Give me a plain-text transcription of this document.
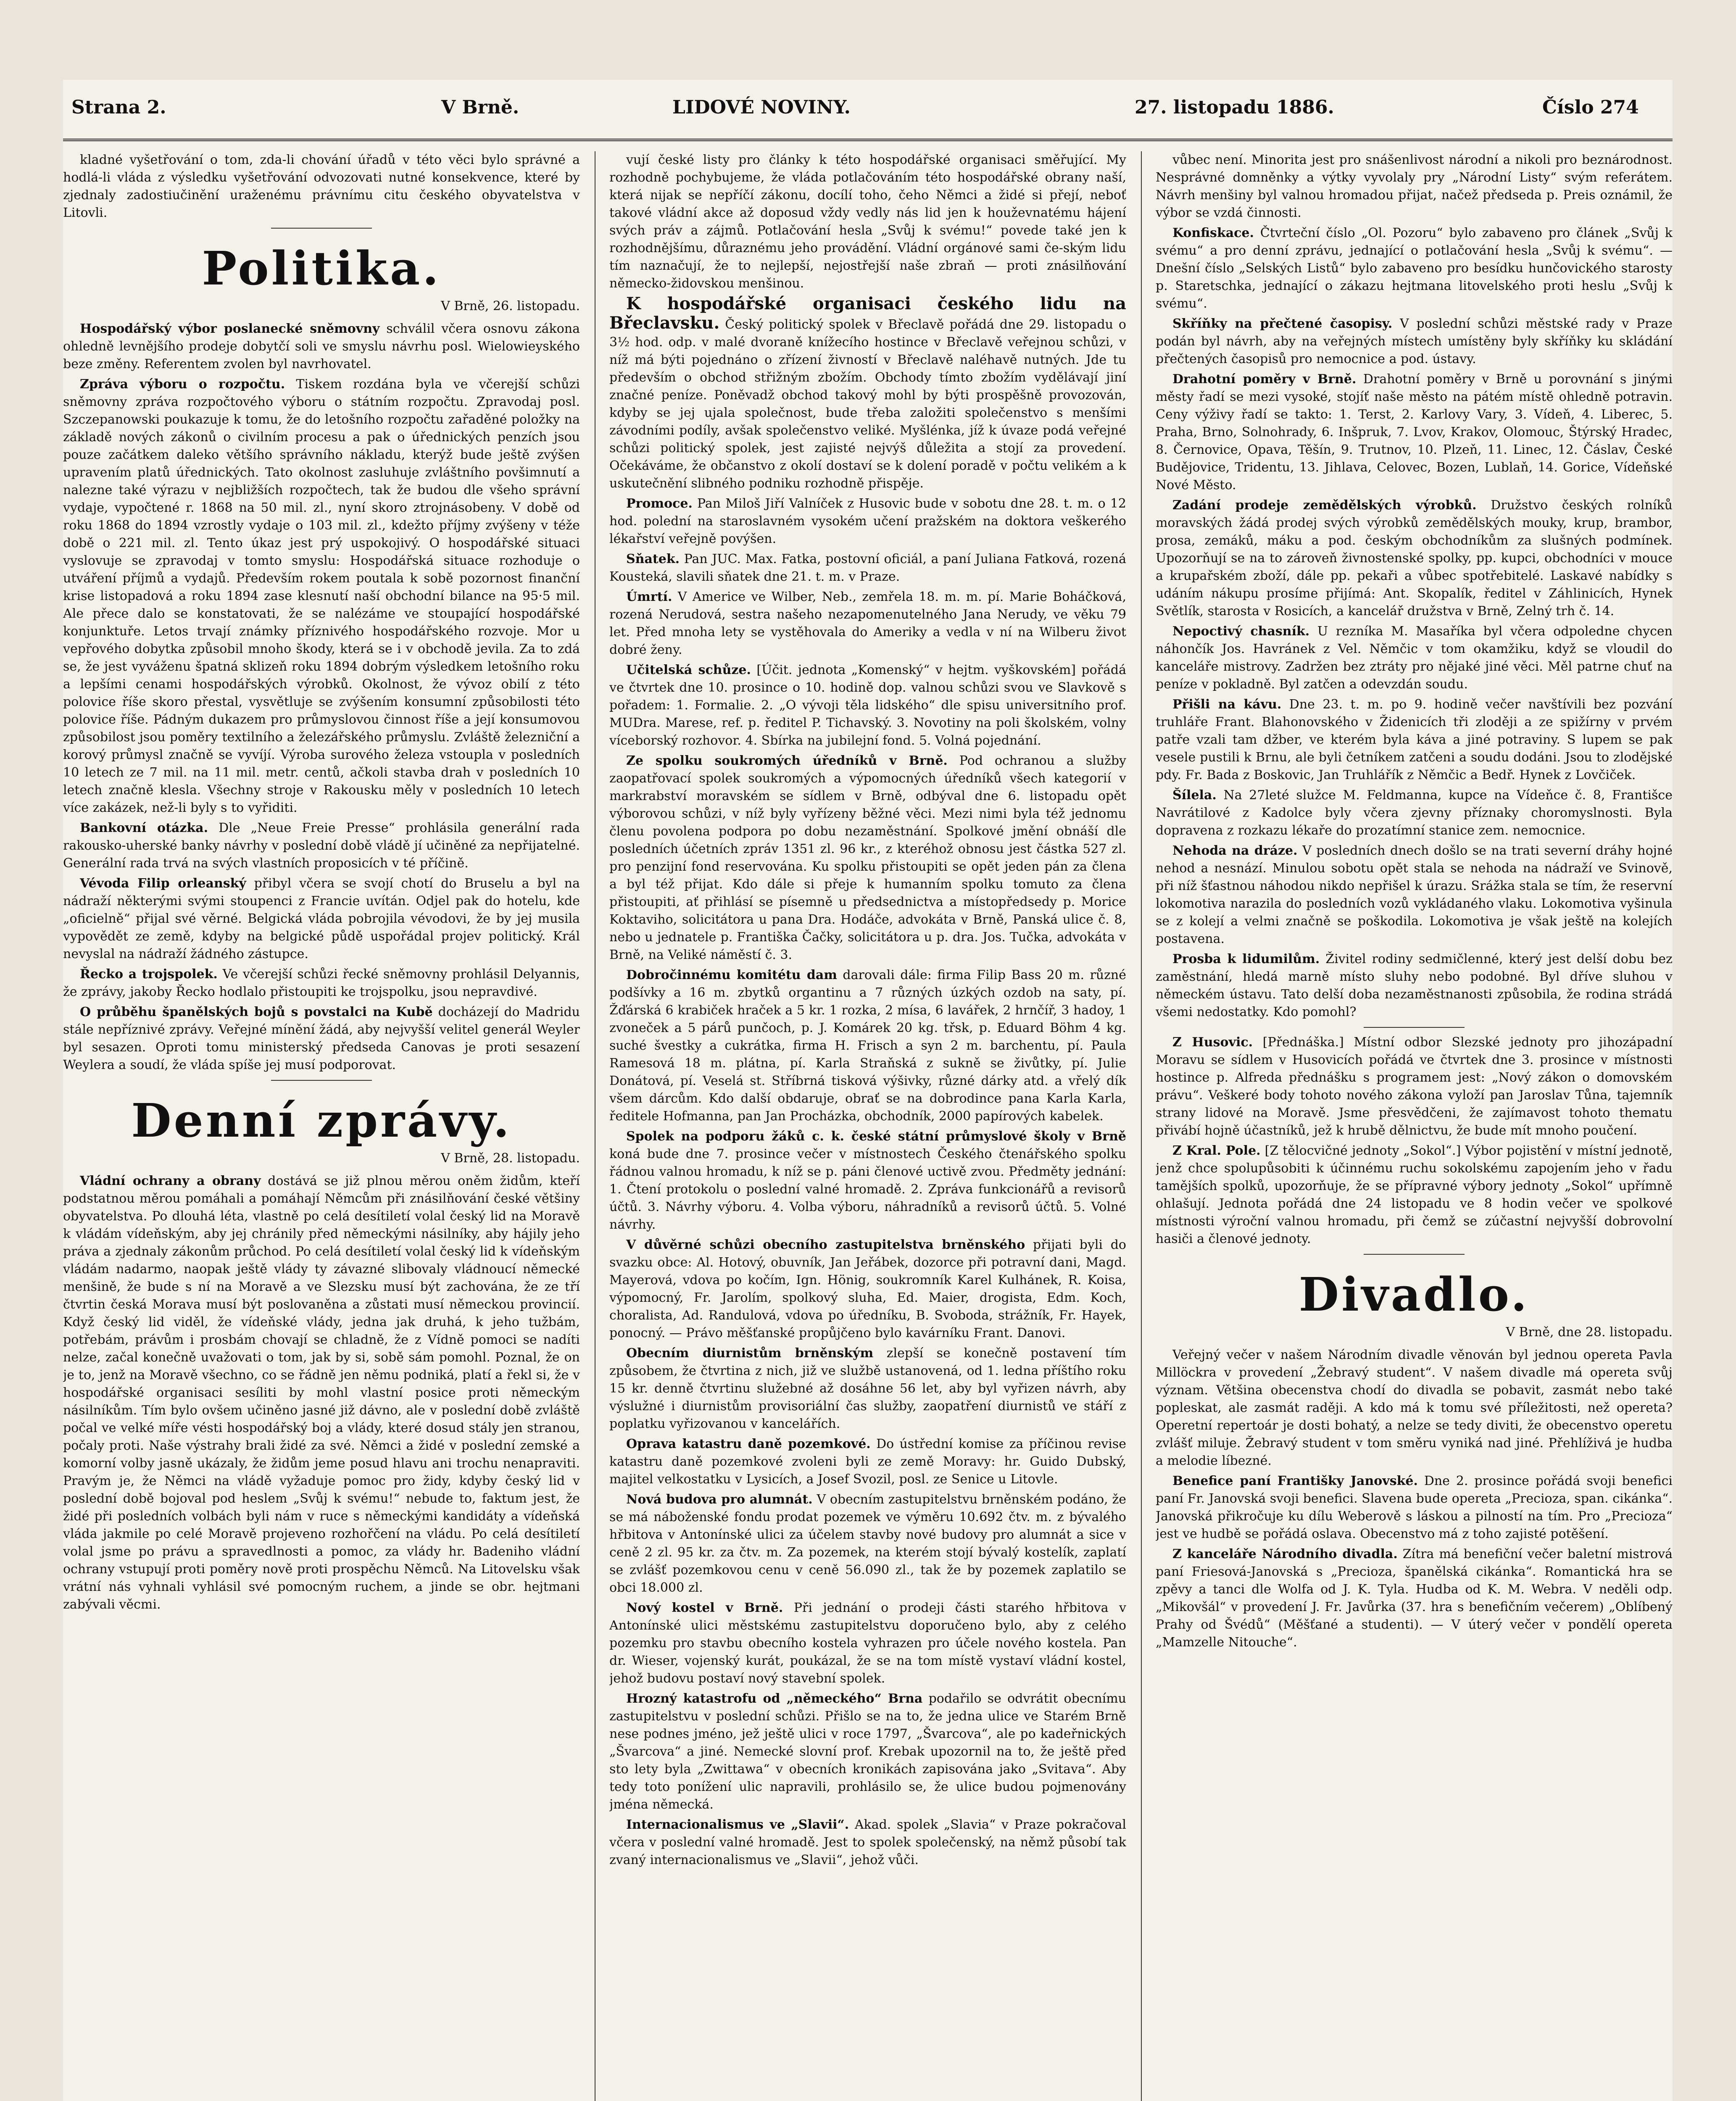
Strana 2.	V Brně.	LIDOVÉ NOVINY.	27. listopadu 1886.	Číslo 274

kladné vyšetřování o tom, zda-li chování úřadů v této věci bylo správné a hodlá-li vláda z výsledku vyšetřování odvozovati nutné konsekvence, které by zjednaly zadostiučinění uraženému právnímu citu českého obyvatelstva v Litovli.

Politika.
V Brně, 26. listopadu.

Hospodářský výbor poslanecké sněmovny schválil včera osnovu zákona ohledně levnějšího prodeje dobytčí soli ve smyslu návrhu posl. Wielowieyského beze změny. Referentem zvolen byl navrhovatel.

Zpráva výboru o rozpočtu. Tiskem rozdána byla ve včerejší schůzi sněmovny zpráva rozpočtového výboru o státním rozpočtu. Zpravodaj posl. Szczepanowski poukazuje k tomu, že do letošního rozpočtu zařaděné položky na základě nových zákonů o civilním procesu a pak o úřednických penzích jsou pouze začátkem daleko většího správního nákladu, kterýž bude ještě zvýšen upravením platů úřednických. Tato okolnost zasluhuje zvláštního povšimnutí a nalezne také výrazu v nejbližších rozpočtech, tak že budou dle všeho správní vydaje, vypočtené r. 1868 na 50 mil. zl., nyní skoro ztrojnásobeny. V době od roku 1868 do 1894 vzrostly vydaje o 103 mil. zl., kdežto příjmy zvýšeny v téže době o 221 mil. zl. Tento úkaz jest prý uspokojivý. O hospodářské situaci vyslovuje se zpravodaj v tomto smyslu: Hospodářská situace rozhoduje o utváření příjmů a vydajů. Především rokem poutala k sobě pozornost finanční krise listopadová a roku 1894 zase klesnutí naší obchodní bilance na 95·5 mil. Ale přece dalo se konstatovati, že se nalézáme ve stoupající hospodářské konjunktuře. Letos trvají známky příznivého hospodářského rozvoje. Mor u vepřového dobytka způsobil mnoho škody, která se i v obchodě jevila. Za to zdá se, že jest vyváženu špatná sklizeň roku 1894 dobrým výsledkem letošního roku a lepšími cenami hospodářských výrobků. Okolnost, že vývoz obilí z této polovice říše skoro přestal, vysvětluje se zvýšením konsumní způsobilosti této polovice říše. Pádným dukazem pro průmyslovou činnost říše a její konsumovou způsobilost jsou poměry textilního a železářského průmyslu. Zvláště železniční a korový průmysl značně se vyvíjí. Výroba surového železa vstoupla v posledních 10 letech ze 7 mil. na 11 mil. metr. centů, ačkoli stavba drah v posledních 10 letech značně klesla. Všechny stroje v Rakousku měly v posledních 10 letech více zakázek, než-li byly s to vyřiditi.

Bankovní otázka. Dle „Neue Freie Presse“ prohlásila generální rada rakousko-uherské banky návrhy v poslední době vládě jí učiněné za nepřijatelné. Generální rada trvá na svých vlastních proposicích v té příčině.

Vévoda Filip orleanský přibyl včera se svojí chotí do Bruselu a byl na nádraží některými svými stoupenci z Francie uvítán. Odjel pak do hotelu, kde „oficielně“ přijal své věrné. Belgická vláda pobrojila vévodovi, že by jej musila vypovědět ze země, kdyby na belgické půdě uspořádal projev politický. Král nevyslal na nádraží žádného zástupce.

Řecko a trojspolek. Ve včerejší schůzi řecké sněmovny prohlásil Delyannis, že zprávy, jakoby Řecko hodlalo přistoupiti ke trojspolku, jsou nepravdivé.

O průběhu španělských bojů s povstalci na Kubě docházejí do Madridu stále nepříznivé zprávy. Veřejné mínění žádá, aby nejvyšší velitel generál Weyler byl sesazen. Oproti tomu ministerský předseda Canovas je proti sesazení Weylera a soudí, že vláda spíše jej musí podporovat.

Denní zprávy.
V Brně, 28. listopadu.

Vládní ochrany a obrany dostává se již plnou měrou oněm židům, kteří podstatnou měrou pomáhali a pomáhají Němcům při znásilňování české většiny obyvatelstva. Po dlouhá léta, vlastně po celá desítiletí volal český lid na Moravě k vládám vídeňským, aby jej chránily před německými násilníky, aby hájily jeho práva a zjednaly zákonům průchod. Po celá desítiletí volal český lid k vídeňským vládám nadarmo, naopak ještě vlády ty závazné slibovaly vládnoucí německé menšině, že bude s ní na Moravě a ve Slezsku musí být zachována, že ze tří čtvrtin česká Morava musí být poslovaněna a zůstati musí německou provincií. Když český lid viděl, že vídeňské vlády, jedna jak druhá, k jeho tužbám, potřebám, právům i prosbám chovají se chladně, že z Vídně pomoci se nadíti nelze, začal konečně uvažovati o tom, jak by si, sobě sám pomohl. Poznal, že on je to, jenž na Moravě všechno, co se řádně jen němu podniká, platí a řekl si, že v hospodářské organisaci sesíliti by mohl vlastní posice proti německým násilníkům. Tím bylo ovšem učiněno jasné již dávno, ale v poslední době zvláště počal ve velké míře vésti hospodářský boj a vlády, které dosud stály jen stranou, počaly proti. Naše výstrahy brali židé za své. Němci a židé v poslední zemské a komorní volby jasně ukázaly, že židům jeme posud hlavu ani trochu nenapraviti. Pravým je, že Němci na vládě vyžaduje pomoc pro židy, kdyby český lid v poslední době bojoval pod heslem „Svůj k svému!“ nebude to, faktum jest, že židé při posledních volbách byli nám v ruce s německými kandidáty a vídeňská vláda jakmile po celé Moravě projeveno rozhořčení na vládu. Po celá desítiletí volal jsme po právu a spravedlnosti a pomoc, za vlády hr. Badeniho vládní ochrany vstupují proti poměry nově proti prospěchu Němců. Na Litovelsku však vrátní nás vyhnali vyhlásil své pomocným ruchem, a jinde se obr. hejtmani zabývali věcmi.

vují české listy pro články k této hospodářské organisaci směřující. My rozhodně pochybujeme, že vláda potlačováním této hospodářské obrany naší, která nijak se nepříčí zákonu, docílí toho, čeho Němci a židé si přejí, neboť takové vládní akce až doposud vždy vedly nás lid jen k houževnatému hájení svých práv a zájmů. Potlačování hesla „Svůj k svému!“ povede také jen k rozhodnějšímu, důraznému jeho provádění. Vládní orgánové sami če-ským lidu tím naznačují, že to nejlepší, nejostřejší naše zbraň — proti znásilňování německo-židovskou menšinou.

K hospodářské organisaci českého lidu na Břeclavsku. Český politický spolek v Břeclavě pořádá dne 29. listopadu o 3½ hod. odp. v malé dvoraně knížecího hostince v Břeclavě veřejnou schůzi, v níž má býti pojednáno o zřízení živností v Břeclavě naléhavě nutných. Jde tu především o obchod střižným zbožím. Obchody tímto zbožím vydělávají jiní značné peníze. Poněvadž obchod takový mohl by býti prospěšně provozován, kdyby se jej ujala společnost, bude třeba založiti společenstvo s menšími závodními podíly, avšak společenstvo veliké. Myšlénka, jíž k úvaze podá veřejné schůzi politický spolek, jest zajisté nejvýš důležita a stojí za provedení. Očekáváme, že občanstvo z okolí dostaví se k dolení poradě v počtu velikém a k uskutečnění slibného podniku rozhodně přispěje.

Promoce. Pan Miloš Jiří Valníček z Husovic bude v sobotu dne 28. t. m. o 12 hod. polední na staroslavném vysokém učení pražském na doktora veškerého lékařství veřejně povýšen.

Sňatek. Pan JUC. Max. Fatka, postovní oficiál, a paní Juliana Fatková, rozená Kousteká, slavili sňatek dne 21. t. m. v Praze.

Úmrtí. V Americe ve Wilber, Neb., zemřela 18. m. m. pí. Marie Boháčková, rozená Nerudová, sestra našeho nezapomenutelného Jana Nerudy, ve věku 79 let. Před mnoha lety se vystěhovala do Ameriky a vedla v ní na Wilberu život dobré ženy.

Učitelská schůze. [Účit. jednota „Komenský“ v hejtm. vyškovském] pořádá ve čtvrtek dne 10. prosince o 10. hodině dop. valnou schůzi svou ve Slavkově s pořadem: 1. Formalie. 2. „O vývoji těla lidského“ dle spisu universitního prof. MUDra. Marese, ref. p. ředitel P. Tichavský. 3. Novotiny na poli školském, volny víceborský rozhovor. 4. Sbírka na jubilejní fond. 5. Volná pojednání.

Ze spolku soukromých úředníků v Brně. Pod ochranou a služby zaopatřovací spolek soukromých a výpomocných úředníků všech kategorií v markrabství moravském se sídlem v Brně, odbýval dne 6. listopadu opět výborovou schůzi, v níž byly vyřízeny běžné věci. Mezi nimi byla též jednomu členu povolena podpora po dobu nezaměstnání. Spolkové jmění obnáší dle posledních účetních zpráv 1351 zl. 96 kr., z kteréhož obnosu jest částka 527 zl. pro penzijní fond reservována. Ku spolku přistoupiti se opět jeden pán za člena a byl též přijat. Kdo dále si přeje k humanním spolku tomuto za člena přistoupiti, ať přihlásí se písemně u předsednictva a místopředsedy p. Morice Koktaviho, solicitátora u pana Dra. Hodáče, advokáta v Brně, Panská ulice č. 8, nebo u jednatele p. Františka Čačky, solicitátora u p. dra. Jos. Tučka, advokáta v Brně, na Veliké náměstí č. 3.

Dobročinnému komitétu dam darovali dále: firma Filip Bass 20 m. různé podšívky a 16 m. zbytků organtinu a 7 různých úzkých ozdob na saty, pí. Žďárská 6 krabiček hraček a 5 kr. 1 rozka, 2 mísa, 6 lavářek, 2 hrnčíř, 3 hadoy, 1 zvoneček a 5 párů punčoch, p. J. Komárek 20 kg. třsk, p. Eduard Böhm 4 kg. suché švestky a cukrátka, firma H. Frisch a syn 2 m. barchentu, pí. Paula Ramesová 18 m. plátna, pí. Karla Straňská z sukně se živůtky, pí. Julie Donátová, pí. Veselá st. Stříbrná tisková výšivky, různé dárky atd. a vřelý dík všem dárcům. Kdo další obdaruje, obrať se na dobrodince pana Karla Karla, ředitele Hofmanna, pan Jan Procházka, obchodník, 2000 papírových kabelek.

Spolek na podporu žáků c. k. české státní průmyslové školy v Brně koná bude dne 7. prosince večer v místnostech Českého čtenářského spolku řádnou valnou hromadu, k níž se p. páni členové uctivě zvou. Předměty jednání: 1. Čtení protokolu o poslední valné hromadě. 2. Zpráva funkcionářů a revisorů účtů. 3. Návrhy výboru. 4. Volba výboru, náhradníků a revisorů účtů. 5. Volné návrhy.

V důvěrné schůzi obecního zastupitelstva brněnského přijati byli do svazku obce: Al. Hotový, obuvník, Jan Jeřábek, dozorce při potravní dani, Magd. Mayerová, vdova po kočím, Ign. Hönig, soukromník Karel Kulhánek, R. Koisa, výpomocný, Fr. Jarolím, spolkový sluha, Ed. Maier, drogista, Edm. Koch, choralista, Ad. Randulová, vdova po úředníku, B. Svoboda, strážník, Fr. Hayek, ponocný. — Právo měšťanské propůjčeno bylo kavárníku Frant. Danovi.

Obecním diurnistům brněnským zlepší se konečně postavení tím způsobem, že čtvrtina z nich, již ve službě ustanovená, od 1. ledna příštího roku 15 kr. denně čtvrtinu služebné až dosáhne 56 let, aby byl vyřizen návrh, aby výslužné i diurnistům provisoriální čas služby, zaopatření diurnistů ve stáří z poplatku vyřizovanou v kancelářích.

Oprava katastru daně pozemkové. Do ústřední komise za příčinou revise katastru daně pozemkové zvoleni byli ze země Moravy: hr. Guido Dubský, majitel velkostatku v Lysicích, a Josef Svozil, posl. ze Senice u Litovle.

Nová budova pro alumnát. V obecním zastupitelstvu brněnském podáno, že se má náboženské fondu prodat pozemek ve výměru 10.692 čtv. m. z bývalého hřbitova v Antonínské ulici za účelem stavby nové budovy pro alumnát a sice v ceně 2 zl. 95 kr. za čtv. m. Za pozemek, na kterém stojí bývalý kostelík, zaplatí se zvlášť pozemkovou cenu v ceně 56.090 zl., tak že by pozemek zaplatilo se obci 18.000 zl.

Nový kostel v Brně. Při jednání o prodeji části starého hřbitova v Antonínské ulici městskému zastupitelstvu doporučeno bylo, aby z celého pozemku pro stavbu obecního kostela vyhrazen pro účele nového kostela. Pan dr. Wieser, vojenský kurát, poukázal, že se na tom místě vystaví vládní kostel, jehož budovu postaví nový stavební spolek.

Hrozný katastrofu od „německého“ Brna podařilo se odvrátit obecnímu zastupitelstvu v poslední schůzi. Přišlo se na to, že jedna ulice ve Starém Brně nese podnes jméno, jež ještě ulici v roce 1797, „Švarcova“, ale po kadeřnických „Švarcova“ a jiné. Nemecké slovní prof. Krebak upozornil na to, že ještě před sto lety byla „Zwittawa“ v obecních kronikách zapisována jako „Svitava“. Aby tedy toto ponížení ulic napravili, prohlásilo se, že ulice budou pojmenovány jména německá.

Internacionalismus ve „Slavii“. Akad. spolek „Slavia“ v Praze pokračoval včera v poslední valné hromadě. Jest to spolek společenský, na němž působí tak zvaný internacionalismus ve „Slavii“, jehož vůči.

vůbec není. Minorita jest pro snášenlivost národní a nikoli pro beznárodnost. Nesprávné domněnky a výtky vyvolaly pry „Národní Listy“ svým referátem. Návrh menšiny byl valnou hromadou přijat, načež předseda p. Preis oznámil, že výbor se vzdá činnosti.

Konfiskace. Čtvrteční číslo „Ol. Pozoru“ bylo zabaveno pro článek „Svůj k svému“ a pro denní zprávu, jednající o potlačování hesla „Svůj k svému“. — Dnešní číslo „Selských Listů“ bylo zabaveno pro besídku hunčovického starosty p. Staretschka, jednající o zákazu hejtmana litovelského proti heslu „Svůj k svému“.

Skříňky na přečtené časopisy. V poslední schůzi městské rady v Praze podán byl návrh, aby na veřejných místech umístěny byly skříňky ku skládání přečtených časopisů pro nemocnice a pod. ústavy.

Drahotní poměry v Brně. Drahotní poměry v Brně u porovnání s jinými městy řadí se mezi vysoké, stojíť naše město na pátém místě ohledně potravin. Ceny výživy řadí se takto: 1. Terst, 2. Karlovy Vary, 3. Vídeň, 4. Liberec, 5. Praha, Brno, Solnohrady, 6. Inšpruk, 7. Lvov, Krakov, Olomouc, Štýrský Hradec, 8. Černovice, Opava, Těšín, 9. Trutnov, 10. Plzeň, 11. Linec, 12. Čáslav, České Budějovice, Tridentu, 13. Jihlava, Celovec, Bozen, Lublaň, 14. Gorice, Vídeňské Nové Město.

Zadání prodeje zemědělských výrobků. Družstvo českých rolníků moravských žádá prodej svých výrobků zemědělských mouky, krup, brambor, prosa, zemáků, máku a pod. českým obchodníkům za slušných podmínek. Upozorňují se na to zároveň živnostenské spolky, pp. kupci, obchodníci v mouce a krupařském zboží, dále pp. pekaři a vůbec spotřebitelé. Laskavé nabídky s udáním nákupu prosíme přijímá: Ant. Skopalík, ředitel v Záhlinicích, Hynek Světlík, starosta v Rosicích, a kancelář družstva v Brně, Zelný trh č. 14.

Nepoctivý chasník. U rezníka M. Masaříka byl včera odpoledne chycen náhončík Jos. Havránek z Vel. Němčic v tom okamžiku, když se vloudil do kanceláře mistrovy. Zadržen bez ztráty pro nějaké jiné věci. Měl patrne chuť na peníze v pokladně. Byl zatčen a odevzdán soudu.

Přišli na kávu. Dne 23. t. m. po 9. hodině večer navštívili bez pozvání truhláře Frant. Blahonovského v Židenicích tři zloději a ze spižírny v prvém patře vzali tam džber, ve kterém byla káva a jiné potraviny. S lupem se pak vesele pustili k Brnu, ale byli četníkem zatčeni a soudu dodáni. Jsou to zlodějské pdy. Fr. Bada z Boskovic, Jan Truhlářík z Němčic a Bedř. Hynek z Lovčiček.

Šílela. Na 27leté služce M. Feldmanna, kupce na Vídeňce č. 8, Františce Navrátilové z Kadolce byly včera zjevny příznaky choromyslnosti. Byla dopravena z rozkazu lékaře do prozatímní stanice zem. nemocnice.

Nehoda na dráze. V posledních dnech došlo se na trati severní dráhy hojné nehod a nesnází. Minulou sobotu opět stala se nehoda na nádraží ve Svinově, při níž šťastnou náhodou nikdo nepřišel k úrazu. Srážka stala se tím, že reservní lokomotiva narazila do posledních vozů vykládaného vlaku. Lokomotiva vyšinula se z kolejí a velmi značně se poškodila. Lokomotiva je však ještě na kolejích postavena.

Prosba k lidumilům. Živitel rodiny sedmičlenné, který jest delší dobu bez zaměstnání, hledá marně místo sluhy nebo podobné. Byl dříve sluhou v německém ústavu. Tato delší doba nezaměstnanosti způsobila, že rodina strádá všemi nedostatky. Kdo pomohl?

Z Husovic. [Přednáška.] Místní odbor Slezské jednoty pro jihozápadní Moravu se sídlem v Husovicích pořádá ve čtvrtek dne 3. prosince v místnosti hostince p. Alfreda přednášku s programem jest: „Nový zákon o domovském právu“. Veškeré body tohoto nového zákona vyloží pan Jaroslav Tůna, tajemník strany lidové na Moravě. Jsme přesvědčeni, že zajímavost tohoto thematu přivábí hojně účastníků, jež k hrubě dělnictvu, že bude mít mnoho poučení.

Z Kral. Pole. [Z tělocvičné jednoty „Sokol“.] Výbor pojistění v místní jednotě, jenž chce spolupůsobiti k účinnému ruchu sokolskému zapojením jeho v řadu tamějších spolků, upozorňuje, že se přípravné výbory jednoty „Sokol“ upřímně ohlašují. Jednota pořádá dne 24 listopadu ve 8 hodin večer ve spolkové místnosti výroční valnou hromadu, při čemž se zúčastní nejvyšší dobrovolní hasiči a členové jednoty.

Divadlo.
V Brně, dne 28. listopadu.

Veřejný večer v našem Národním divadle věnován byl jednou opereta Pavla Millöckra v provedení „Žebravý student“. V našem divadle má opereta svůj význam. Většina obecenstva chodí do divadla se pobavit, zasmát nebo také popleskat, ale zasmát raději. A kdo má k tomu své příležitosti, než opereta? Operetní repertoár je dosti bohatý, a nelze se tedy diviti, že obecenstvo operetu zvlášť miluje. Žebravý student v tom směru vyniká nad jiné. Přehlíživá je hudba a melodie líbezné.

Benefice paní Františky Janovské. Dne 2. prosince pořádá svoji benefici paní Fr. Janovská svoji benefici. Slavena bude opereta „Precioza, span. cikánka“. Janovská přikročuje ku dílu Weberově s láskou a pilností na tím. Pro „Precioza“ jest ve hudbě se pořádá oslava. Obecenstvo má z toho zajisté potěšení.

Z kanceláře Národního divadla. Zítra má benefiční večer baletní mistrová paní Friesová-Janovská s „Precioza, španělská cikánka“. Romantická hra se zpěvy a tanci dle Wolfa od J. K. Tyla. Hudba od K. M. Webra. V neděli odp. „Mikovšál“ v provedení J. Fr. Javůrka (37. hra s benefičním večerem) „Oblíbený Prahy od Švédů“ (Měšťané a studenti). — V úterý večer v pondělí opereta „Mamzelle Nitouche“.
